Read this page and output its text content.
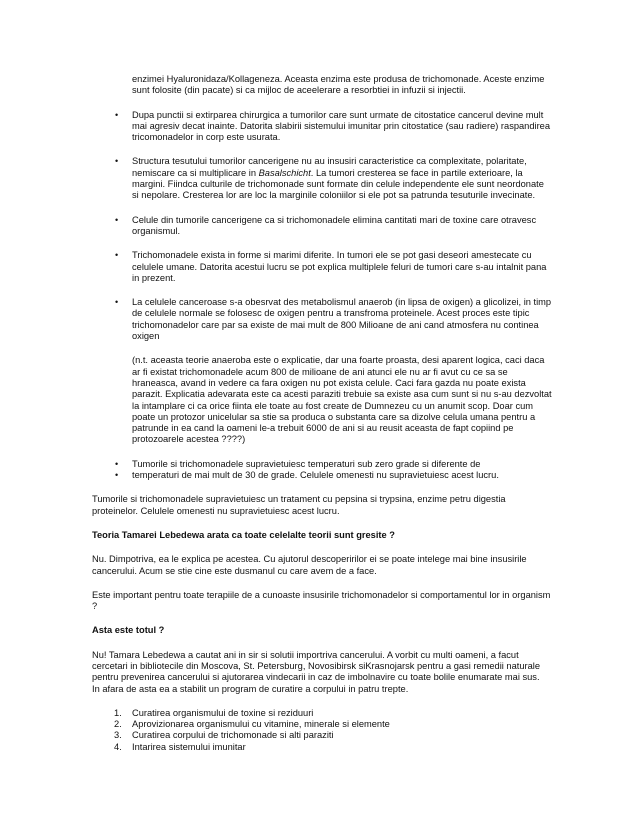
enzimei Hyaluronidaza/Kollageneza. Aceasta enzima este produsa de trichomonade. Aceste enzime sunt folosite (din pacate) si ca mijloc de aceelerare a resorbtiei in infuzii si injectii.

• Dupa punctii si extirparea chirurgica a tumorilor care sunt urmate de citostatice cancerul devine mult mai agresiv decat inainte. Datorita slabirii sistemului imunitar prin citostatice (sau radiere) raspandirea tricomonadelor in corp este usurata.
• Structura tesutului tumorilor cancerigene nu au insusiri caracteristice ca complexitate, polaritate, nemiscare ca si multiplicare in Basalschicht. La tumori cresterea se face in partile exterioare, la margini. Fiindca culturile de trichomonade sunt formate din celule independente ele sunt neordonate si nepolare. Cresterea lor are loc la marginile coloniilor si ele pot sa patrunda tesuturile invecinate.
• Celule din tumorile cancerigene ca si trichomonadele elimina cantitati mari de toxine care otravesc organismul.
• Trichomonadele exista in forme si marimi diferite. In tumori ele se pot gasi deseori amestecate cu celulele umane. Datorita acestui lucru se pot explica multiplele feluri de tumori care s-au intalnit pana in prezent.
• La celulele canceroase s-a obesrvat des metabolismul anaerob (in lipsa de oxigen) a glicolizei, in timp de celulele normale se folosesc de oxigen pentru a transfroma proteinele. Acest proces este tipic trichomonadelor care par sa existe de mai mult de 800 Milioane de ani cand atmosfera nu continea oxigen

(n.t. aceasta teorie anaeroba este o explicatie, dar una foarte proasta, desi aparent logica, caci daca ar fi existat trichomonadele acum 800 de milioane de ani atunci ele nu ar fi avut cu ce sa se hraneasca, avand in vedere ca fara oxigen nu pot exista celule. Caci fara gazda nu poate exista parazit. Explicatia adevarata este ca acesti paraziti trebuie sa existe asa cum sunt si nu s-au dezvoltat la intamplare ci ca orice fiinta ele toate au fost create de Dumnezeu cu un anumit scop. Doar cum poate un protozor unicelular sa stie sa produca o substanta care sa dizolve celula umana pentru a patrunde in ea cand la oameni le-a trebuit 6000 de ani si au reusit aceasta de fapt copiind pe protozoarele acestea ????)

• Tumorile si trichomonadele supravietuiesc temperaturi sub zero grade si diferente de
• temperaturi de mai mult de 30 de grade. Celulele omenesti nu supravietuiesc acest lucru.

Tumorile si trichomonadele supravietuiesc un tratament cu pepsina si trypsina, enzime petru digestia proteinelor. Celulele omenesti nu supravietuiesc acest lucru.

Teoria Tamarei Lebedewa arata ca toate celelalte teorii sunt gresite ?

Nu. Dimpotriva, ea le explica pe acestea. Cu ajutorul descoperirilor ei se poate intelege mai bine insusirile cancerului. Acum se stie cine este dusmanul cu care avem de a face.

Este important pentru toate terapiile de a cunoaste insusirile trichomonadelor si comportamentul lor in organism ?

Asta este totul ?

Nu! Tamara Lebedewa a cautat ani in sir si solutii importriva cancerului. A vorbit cu multi oameni, a facut cercetari in bibliotecile din Moscova, St. Petersburg, Novosibirsk siKrasnojarsk pentru a gasi remedii naturale pentru prevenirea cancerului si ajutorarea vindecarii in caz de imbolnavire cu toate bolile enumarate mai sus.

In afara de asta ea a stabilit un program de curatire a corpului in patru trepte.

1. Curatirea organismului de toxine si reziduuri
2. Aprovizionarea organismului cu vitamine, minerale si elemente
3. Curatirea corpului de trichomonade si alti paraziti
4. Intarirea sistemului imunitar
